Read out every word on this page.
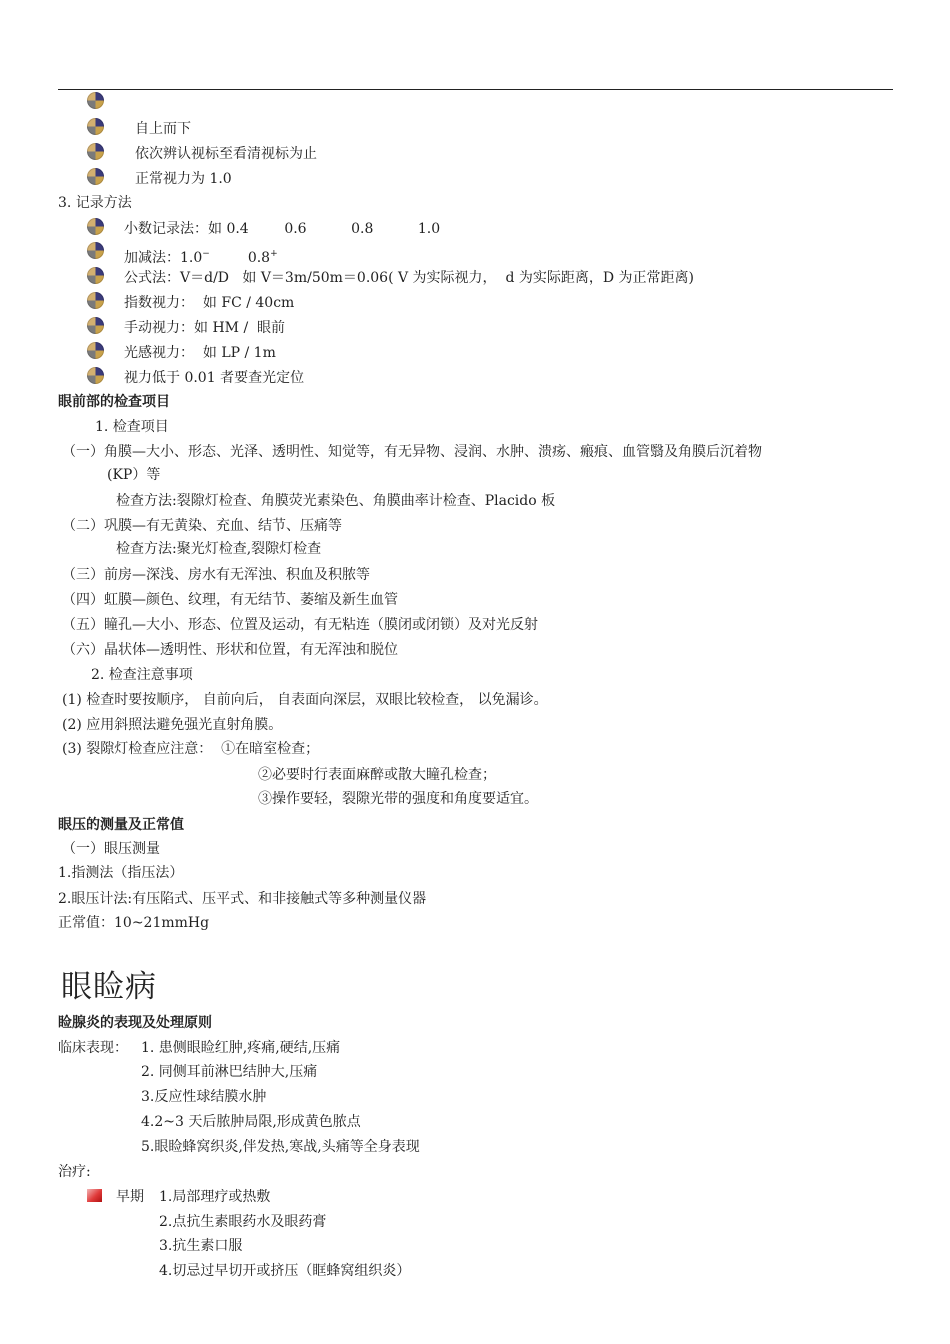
自上而下
依次辨认视标至看清视标为止
正常视力为 1.0
3. 记录方法
小数记录法：如 0.4        0.6          0.8          1.0
加减法：1.0−	0.8+
公式法：V＝d/D   如 V＝3m/50m＝0.06( V 为实际视力，  d 为实际距离，D 为正常距离)
指数视力：  如 FC / 40cm
手动视力：如 HM /  眼前
光感视力：  如 LP / 1m
视力低于 0.01 者要查光定位
眼前部的检查项目
1. 检查项目
（一）角膜—大小、形态、光泽、透明性、知觉等，有无异物、浸润、水肿、溃疡、瘢痕、血管翳及角膜后沉着物
(KP）等
检查方法:裂隙灯检查、角膜荧光素染色、角膜曲率计检查、Placido 板
（二）巩膜—有无黄染、充血、结节、压痛等
检查方法:聚光灯检查,裂隙灯检查
（三）前房—深浅、房水有无浑浊、积血及积脓等
（四）虹膜—颜色、纹理，有无结节、萎缩及新生血管
（五）瞳孔—大小、形态、位置及运动，有无粘连（膜闭或闭锁）及对光反射
（六）晶状体—透明性、形状和位置，有无浑浊和脱位
2. 检查注意事项
(1) 检查时要按顺序， 自前向后， 自表面向深层，双眼比较检查， 以免漏诊。
(2) 应用斜照法避免强光直射角膜。
(3) 裂隙灯检查应注意：  ①在暗室检查；
②必要时行表面麻醉或散大瞳孔检查；
③操作要轻，裂隙光带的强度和角度要适宜。
眼压的测量及正常值
（一）眼压测量
1.指测法（指压法）
2.眼压计法:有压陷式、压平式、和非接触式等多种测量仪器
正常值：10~21mmHg
眼睑病
睑腺炎的表现及处理原则
临床表现： 1. 患侧眼睑红肿,疼痛,硬结,压痛
2. 同侧耳前淋巴结肿大,压痛
3.反应性球结膜水肿
4.2~3 天后脓肿局限,形成黄色脓点
5.眼睑蜂窝织炎,伴发热,寒战,头痛等全身表现
治疗:
早期 1.局部理疗或热敷
2.点抗生素眼药水及眼药膏
3.抗生素口服
4.切忌过早切开或挤压（眶蜂窝组织炎）
